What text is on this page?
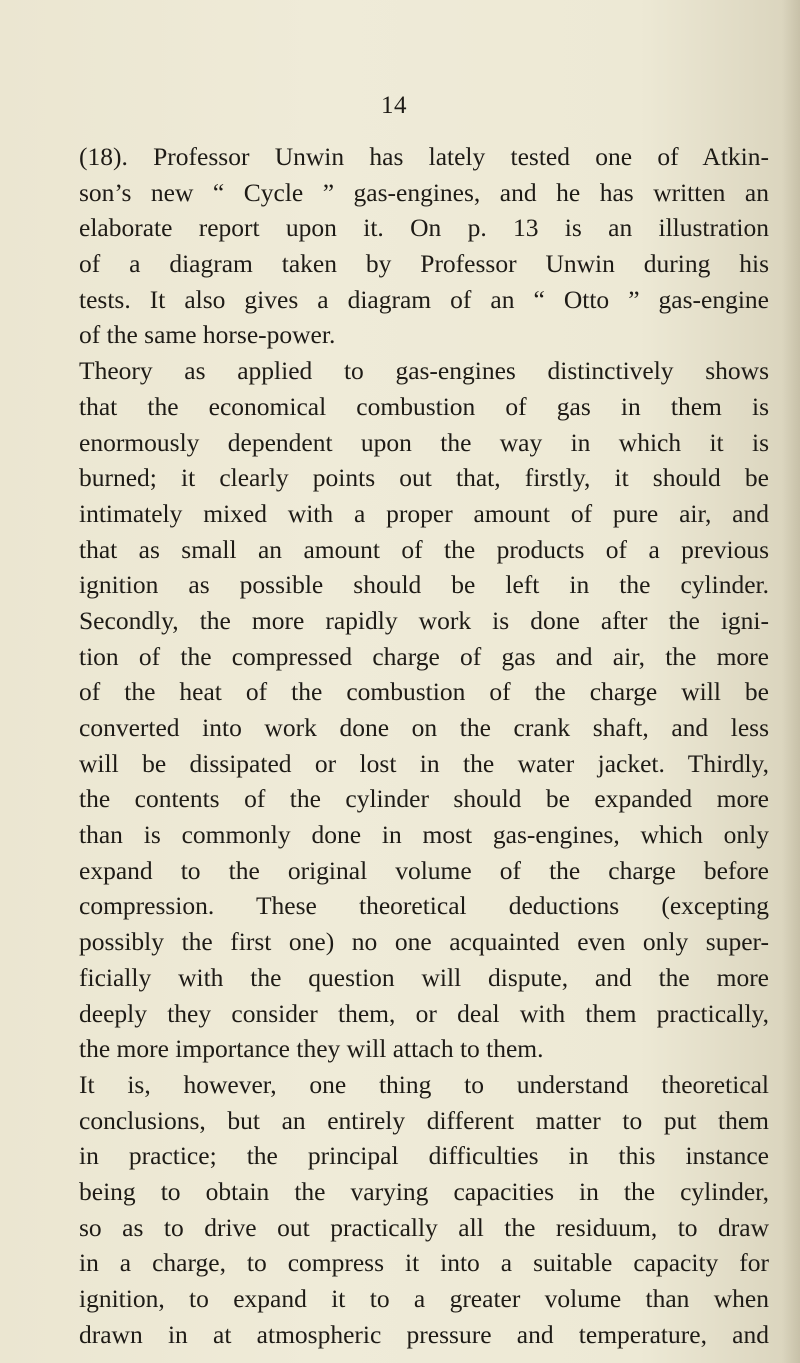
14
(18). Professor Unwin has lately tested one of Atkin-
son’s new “ Cycle ” gas-engines, and he has written an
elaborate report upon it. On p. 13 is an illustration
of a diagram taken by Professor Unwin during his
tests. It also gives a diagram of an “ Otto ” gas-engine
of the same horse-power.
Theory as applied to gas-engines distinctively shows
that the economical combustion of gas in them is
enormously dependent upon the way in which it is
burned; it clearly points out that, firstly, it should be
intimately mixed with a proper amount of pure air, and
that as small an amount of the products of a previous
ignition as possible should be left in the cylinder.
Secondly, the more rapidly work is done after the igni-
tion of the compressed charge of gas and air, the more
of the heat of the combustion of the charge will be
converted into work done on the crank shaft, and less
will be dissipated or lost in the water jacket. Thirdly,
the contents of the cylinder should be expanded more
than is commonly done in most gas-engines, which only
expand to the original volume of the charge before
compression. These theoretical deductions (excepting
possibly the first one) no one acquainted even only super-
ficially with the question will dispute, and the more
deeply they consider them, or deal with them practically,
the more importance they will attach to them.
It is, however, one thing to understand theoretical
conclusions, but an entirely different matter to put them
in practice; the principal difficulties in this instance
being to obtain the varying capacities in the cylinder,
so as to drive out practically all the residuum, to draw
in a charge, to compress it into a suitable capacity for
ignition, to expand it to a greater volume than when
drawn in at atmospheric pressure and temperature, and
